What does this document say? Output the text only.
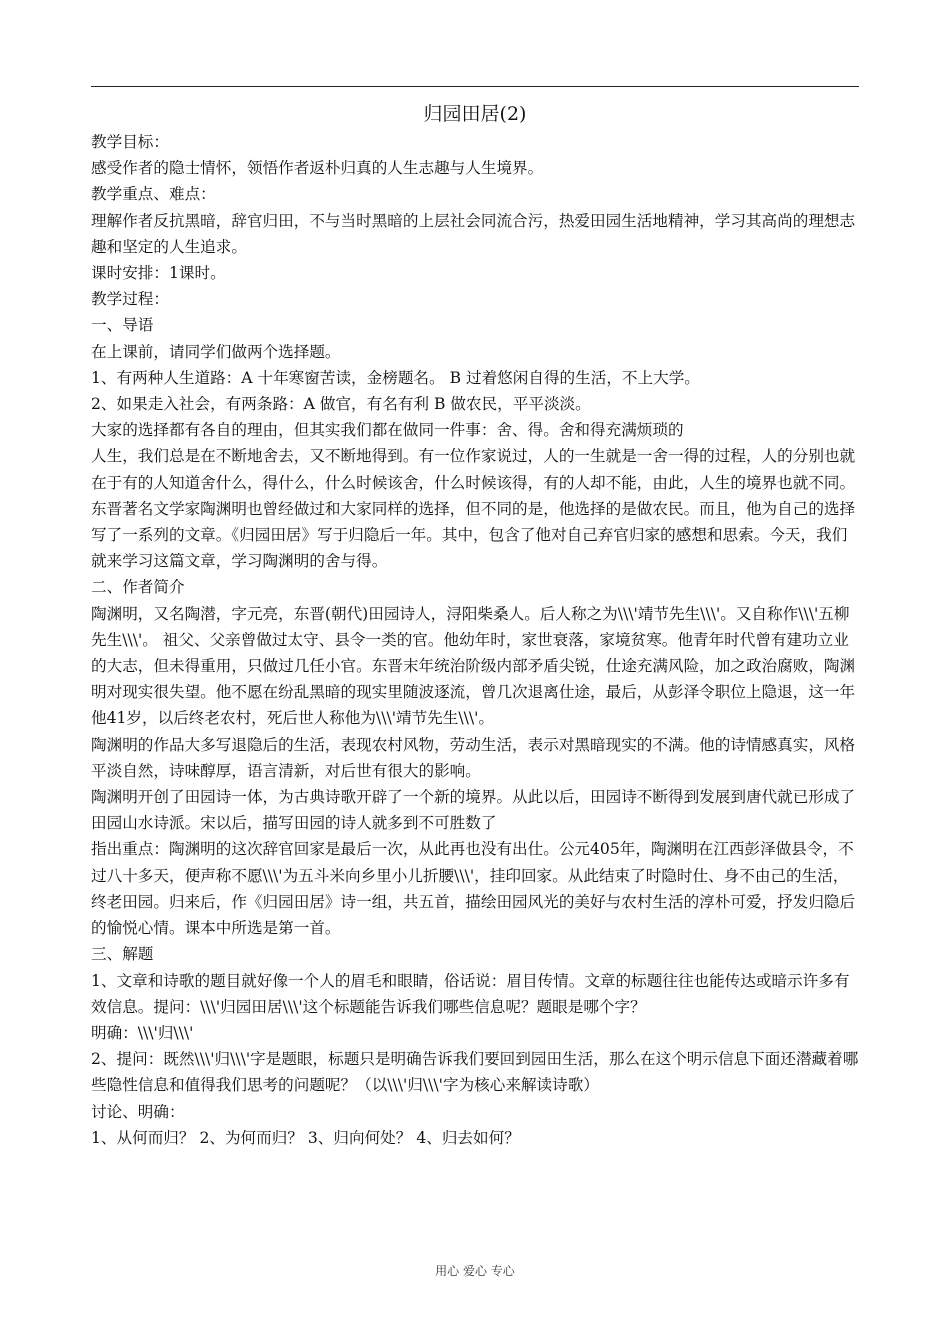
归园田居(2)

教学目标：

感受作者的隐士情怀，领悟作者返朴归真的人生志趣与人生境界。

教学重点、难点：

理解作者反抗黑暗，辞官归田，不与当时黑暗的上层社会同流合污，热爱田园生活地精神，学习其高尚的理想志趣和坚定的人生追求。

课时安排：1课时。

教学过程：

一、导语

在上课前，请同学们做两个选择题。

1、有两种人生道路：A 十年寒窗苦读，金榜题名。 B 过着悠闲自得的生活，不上大学。

2、如果走入社会，有两条路：A 做官，有名有利 B 做农民，平平淡淡。

大家的选择都有各自的理由，但其实我们都在做同一件事：舍、得。舍和得充满烦琐的

人生，我们总是在不断地舍去，又不断地得到。有一位作家说过，人的一生就是一舍一得的过程，人的分别也就在于有的人知道舍什么，得什么，什么时候该舍，什么时候该得，有的人却不能，由此，人生的境界也就不同。东晋著名文学家陶渊明也曾经做过和大家同样的选择，但不同的是，他选择的是做农民。而且，他为自己的选择写了一系列的文章。《归园田居》写于归隐后一年。其中，包含了他对自己弃官归家的感想和思索。今天，我们就来学习这篇文章，学习陶渊明的舍与得。

二、作者简介

陶渊明，又名陶潜，字元亮，东晋(朝代)田园诗人，浔阳柴桑人。后人称之为\\\'靖节先生\\\'。又自称作\\\'五柳先生\\\'。 祖父、父亲曾做过太守、县令一类的官。他幼年时，家世衰落，家境贫寒。他青年时代曾有建功立业的大志，但未得重用，只做过几任小官。东晋末年统治阶级内部矛盾尖锐，仕途充满风险，加之政治腐败，陶渊明对现实很失望。他不愿在纷乱黑暗的现实里随波逐流，曾几次退离仕途，最后，从彭泽令职位上隐退，这一年他41岁，以后终老农村，死后世人称他为\\\'靖节先生\\\'。

陶渊明的作品大多写退隐后的生活，表现农村风物，劳动生活，表示对黑暗现实的不满。他的诗情感真实，风格平淡自然，诗味醇厚，语言清新，对后世有很大的影响。

陶渊明开创了田园诗一体，为古典诗歌开辟了一个新的境界。从此以后，田园诗不断得到发展到唐代就已形成了田园山水诗派。宋以后，描写田园的诗人就多到不可胜数了

指出重点：陶渊明的这次辞官回家是最后一次，从此再也没有出仕。公元405年，陶渊明在江西彭泽做县令，不过八十多天，便声称不愿\\\'为五斗米向乡里小儿折腰\\\'，挂印回家。从此结束了时隐时仕、身不由己的生活，终老田园。归来后，作《归园田居》诗一组，共五首，描绘田园风光的美好与农村生活的淳朴可爱，抒发归隐后的愉悦心情。课本中所选是第一首。

三、解题

1、文章和诗歌的题目就好像一个人的眉毛和眼睛，俗话说：眉目传情。文章的标题往往也能传达或暗示许多有效信息。提问：\\\'归园田居\\\'这个标题能告诉我们哪些信息呢？题眼是哪个字？

明确：\\\'归\\\'

2、提问：既然\\\'归\\\'字是题眼，标题只是明确告诉我们要回到园田生活，那么在这个明示信息下面还潜藏着哪些隐性信息和值得我们思考的问题呢？（以\\\'归\\\'字为核心来解读诗歌）

讨论、明确：

1、从何而归？ 2、为何而归？ 3、归向何处？ 4、归去如何？

用心 爱心 专心
